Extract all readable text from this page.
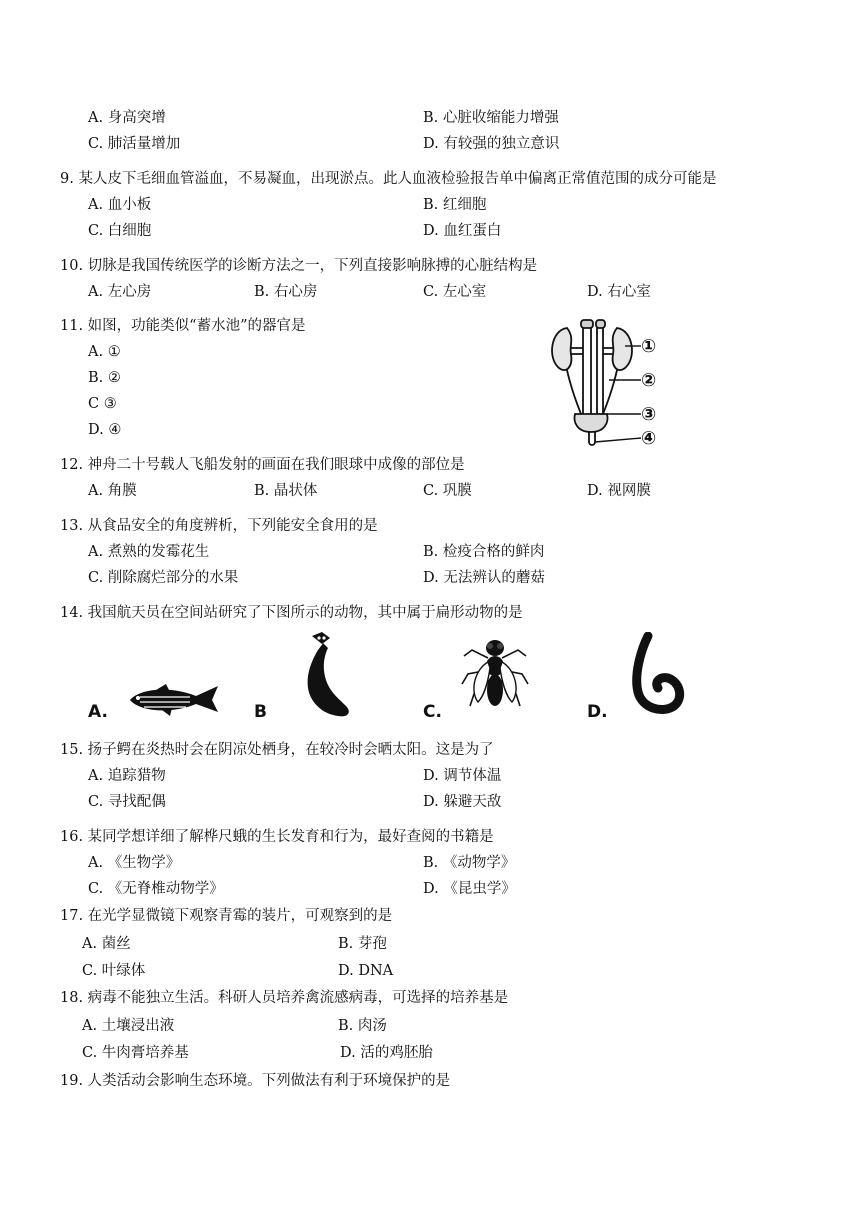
A. 身高突增	B. 心脏收缩能力增强
C. 肺活量增加	D. 有较强的独立意识
9. 某人皮下毛细血管溢血，不易凝血，出现淤点。此人血液检验报告单中偏离正常值范围的成分可能是
A. 血小板	B. 红细胞
C. 白细胞	D. 血红蛋白
10. 切脉是我国传统医学的诊断方法之一，下列直接影响脉搏的心脏结构是
A. 左心房	B. 右心房	C. 左心室	D. 右心室
11. 如图，功能类似“蓄水池”的器官是
A. ①
B. ②
C ③
D. ④
①
②
③
④
12. 神舟二十号载人飞船发射的画面在我们眼球中成像的部位是
A. 角膜	B. 晶状体	C. 巩膜	D. 视网膜
13. 从食品安全的角度辨析，下列能安全食用的是
A. 煮熟的发霉花生	B. 检疫合格的鲜肉
C. 削除腐烂部分的水果	D. 无法辨认的蘑菇
14. 我国航天员在空间站研究了下图所示的动物，其中属于扁形动物的是
A.	B	C.	D.
15. 扬子鳄在炎热时会在阴凉处栖身，在较冷时会晒太阳。这是为了
A. 追踪猎物	D. 调节体温
C. 寻找配偶	D. 躲避天敌
16. 某同学想详细了解桦尺蛾的生长发育和行为，最好查阅的书籍是
A. 《生物学》	B. 《动物学》
C. 《无脊椎动物学》	D. 《昆虫学》
17. 在光学显微镜下观察青霉的装片，可观察到的是
A. 菌丝	B. 芽孢
C. 叶绿体	D. DNA
18. 病毒不能独立生活。科研人员培养禽流感病毒，可选择的培养基是
A. 土壤浸出液	B. 肉汤
C. 牛肉膏培养基	D. 活的鸡胚胎
19. 人类活动会影响生态环境。下列做法有利于环境保护的是
